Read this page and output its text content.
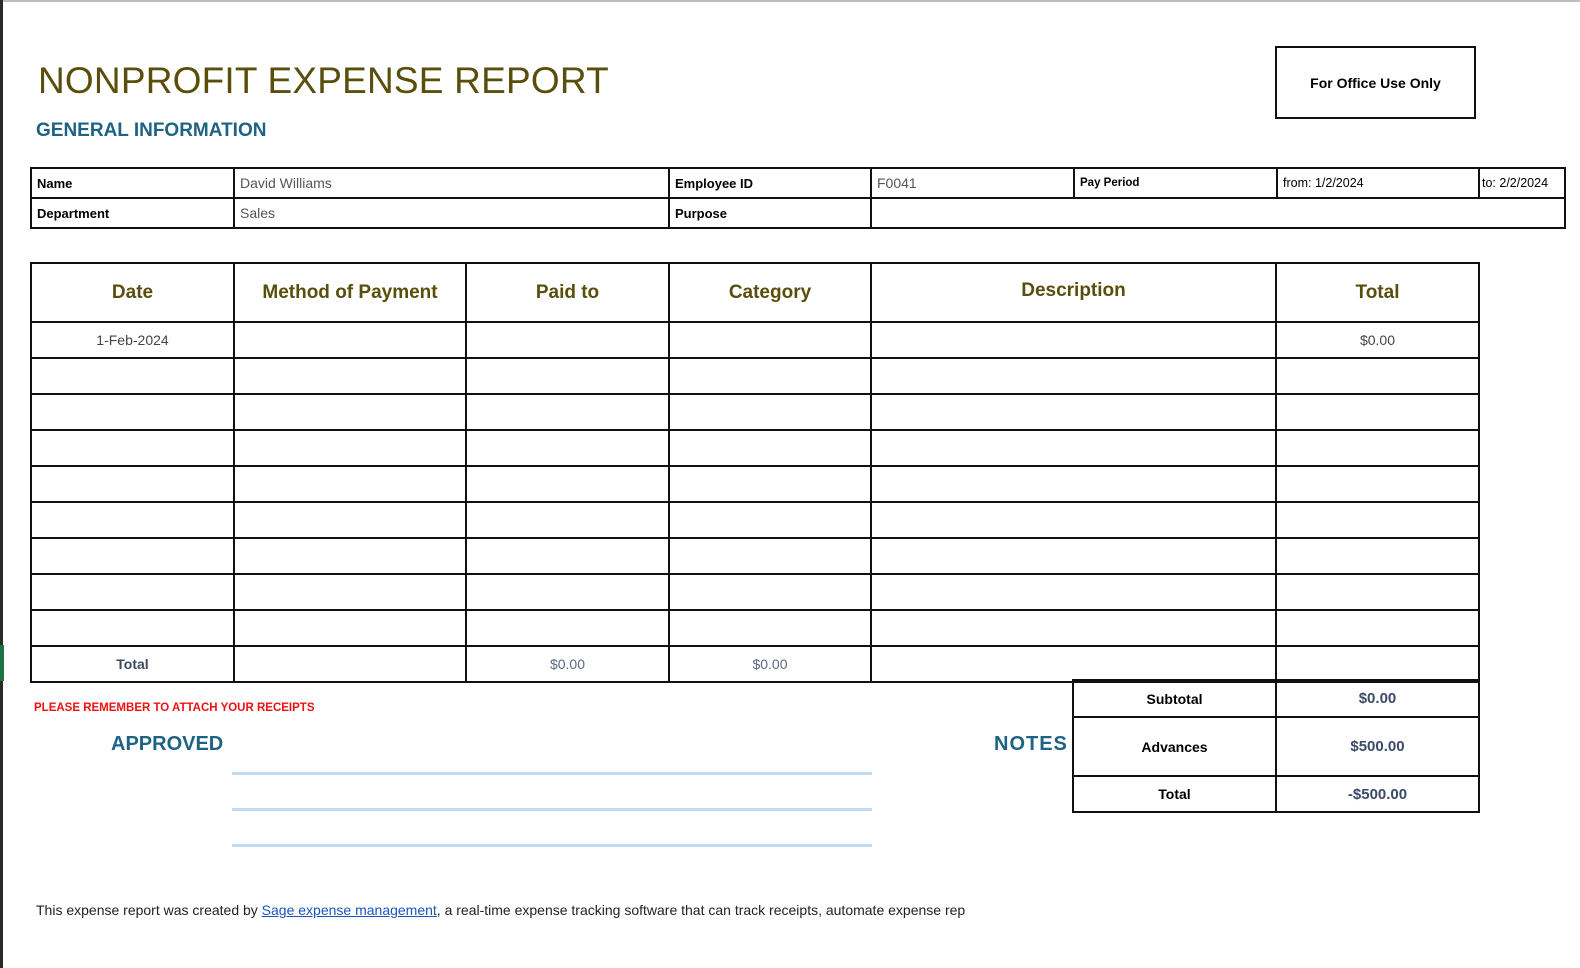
NONPROFIT EXPENSE REPORT
GENERAL INFORMATION
For Office Use Only
Name	David Williams	Employee ID	F0041	Pay Period	from: 1/2/2024	to: 2/2/2024
Department	Sales	Purpose				
Date	Method of Payment	Paid to	Category	Description	Total
1-Feb-2024					$0.00

Total		$0.00	$0.00		
PLEASE REMEMBER TO ATTACH YOUR RECEIPTS
APPROVED	NOTES
Subtotal	$0.00
Advances	$500.00
Total	-$500.00
This expense report was created by Sage expense management, a real-time expense tracking software that can track receipts, automate expense rep
